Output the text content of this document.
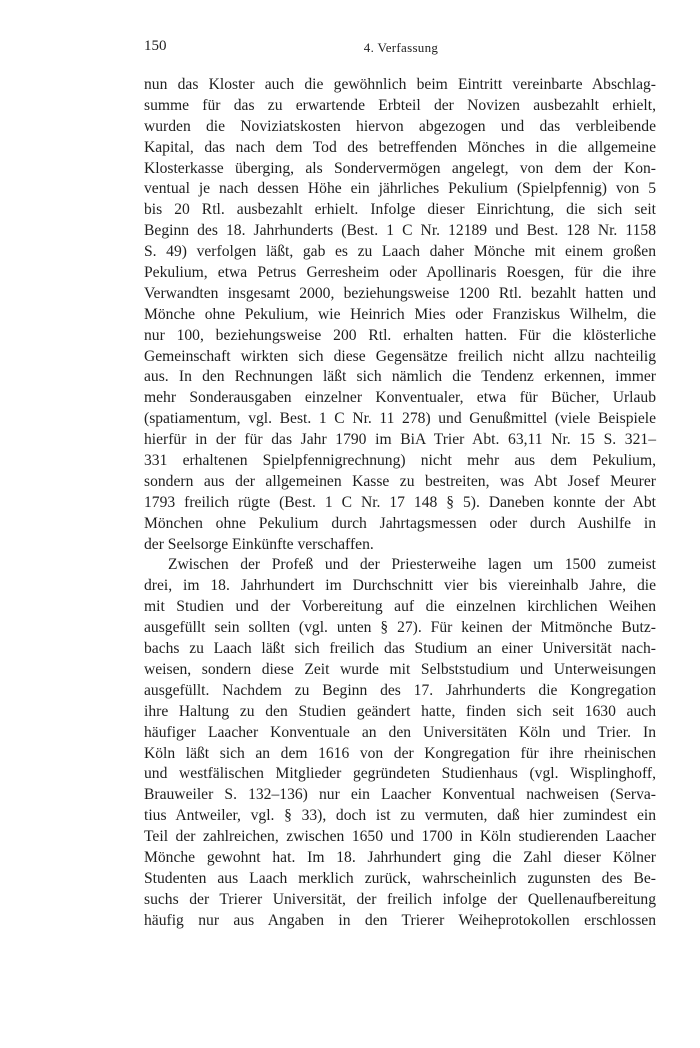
150	4. Verfassung
nun das Kloster auch die gewöhnlich beim Eintritt vereinbarte Abschlag-
summe für das zu erwartende Erbteil der Novizen ausbezahlt erhielt,
wurden die Noviziatskosten hiervon abgezogen und das verbleibende
Kapital, das nach dem Tod des betreffenden Mönches in die allgemeine
Klosterkasse überging, als Sondervermögen angelegt, von dem der Kon-
ventual je nach dessen Höhe ein jährliches Pekulium (Spielpfennig) von 5
bis 20 Rtl. ausbezahlt erhielt. Infolge dieser Einrichtung, die sich seit
Beginn des 18. Jahrhunderts (Best. 1 C Nr. 12189 und Best. 128 Nr. 1158
S. 49) verfolgen läßt, gab es zu Laach daher Mönche mit einem großen
Pekulium, etwa Petrus Gerresheim oder Apollinaris Roesgen, für die ihre
Verwandten insgesamt 2000, beziehungsweise 1200 Rtl. bezahlt hatten und
Mönche ohne Pekulium, wie Heinrich Mies oder Franziskus Wilhelm, die
nur 100, beziehungsweise 200 Rtl. erhalten hatten. Für die klösterliche
Gemeinschaft wirkten sich diese Gegensätze freilich nicht allzu nachteilig
aus. In den Rechnungen läßt sich nämlich die Tendenz erkennen, immer
mehr Sonderausgaben einzelner Konventualer, etwa für Bücher, Urlaub
(spatiamentum, vgl. Best. 1 C Nr. 11 278) und Genußmittel (viele Beispiele
hierfür in der für das Jahr 1790 im BiA Trier Abt. 63,11 Nr. 15 S. 321–
331 erhaltenen Spielpfennigrechnung) nicht mehr aus dem Pekulium,
sondern aus der allgemeinen Kasse zu bestreiten, was Abt Josef Meurer
1793 freilich rügte (Best. 1 C Nr. 17 148 § 5). Daneben konnte der Abt
Mönchen ohne Pekulium durch Jahrtagsmessen oder durch Aushilfe in
der Seelsorge Einkünfte verschaffen.
Zwischen der Profeß und der Priesterweihe lagen um 1500 zumeist
drei, im 18. Jahrhundert im Durchschnitt vier bis viereinhalb Jahre, die
mit Studien und der Vorbereitung auf die einzelnen kirchlichen Weihen
ausgefüllt sein sollten (vgl. unten § 27). Für keinen der Mitmönche Butz-
bachs zu Laach läßt sich freilich das Studium an einer Universität nach-
weisen, sondern diese Zeit wurde mit Selbststudium und Unterweisungen
ausgefüllt. Nachdem zu Beginn des 17. Jahrhunderts die Kongregation
ihre Haltung zu den Studien geändert hatte, finden sich seit 1630 auch
häufiger Laacher Konventuale an den Universitäten Köln und Trier. In
Köln läßt sich an dem 1616 von der Kongregation für ihre rheinischen
und westfälischen Mitglieder gegründeten Studienhaus (vgl. Wisplinghoff,
Brauweiler S. 132–136) nur ein Laacher Konventual nachweisen (Serva-
tius Antweiler, vgl. § 33), doch ist zu vermuten, daß hier zumindest ein
Teil der zahlreichen, zwischen 1650 und 1700 in Köln studierenden Laacher
Mönche gewohnt hat. Im 18. Jahrhundert ging die Zahl dieser Kölner
Studenten aus Laach merklich zurück, wahrscheinlich zugunsten des Be-
suchs der Trierer Universität, der freilich infolge der Quellenaufbereitung
häufig nur aus Angaben in den Trierer Weiheprotokollen erschlossen
